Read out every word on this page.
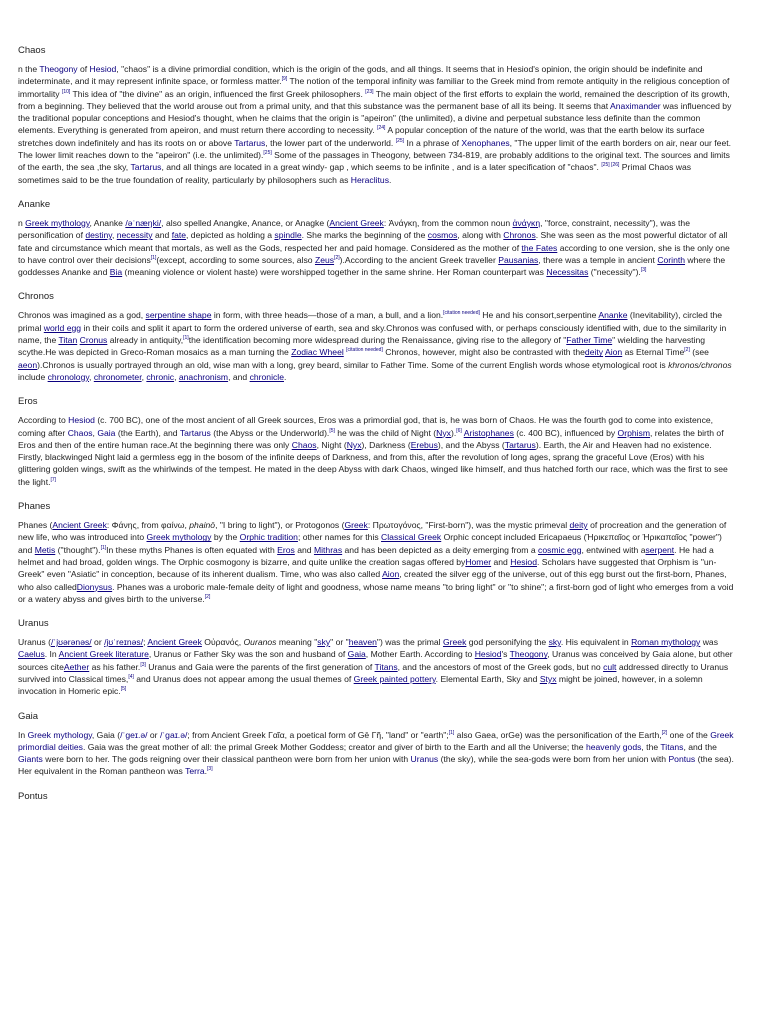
Chaos
n the Theogony of Hesiod, "chaos" is a divine primordial condition, which is the origin of the gods, and all things. It seems that in Hesiod's opinion, the origin should be indefinite and indeterminate, and it may represent infinite space, or formless matter.[9] The notion of the temporal infinity was familiar to the Greek mind from remote antiquity in the religious conception of immortality [10] This idea of "the divine" as an origin, influenced the first Greek philosophers. [23] The main object of the first efforts to explain the world, remained the description of its growth, from a beginning. They believed that the world arouse out from a primal unity, and that this substance was the permanent base of all its being. It seems that Anaximander was influenced by the traditional popular conceptions and Hesiod's thought, when he claims that the origin is "apeiron" (the unlimited), a divine and perpetual substance less definite than the common elements. Everything is generated from apeiron, and must return there according to necessity. [24] A popular conception of the nature of the world, was that the earth below its surface stretches down indefinitely and has its roots on or above Tartarus, the lower part of the underworld. [25] In a phrase of Xenophanes, "The upper limit of the earth borders on air, near our feet. The lower limit reaches down to the "apeiron" (i.e. the unlimited).[25] Some of the passages in Theogony, between 734-819, are probably additions to the original text. The sources and limits of the earth, the sea ,the sky, Tartarus, and all things are located in a great windy- gap , which seems to be infinite , and is a later specification of "chaos". [25] [26] Primal Chaos was sometimes said to be the true foundation of reality, particularly by philosophers such as Heraclitus.
Ananke
n Greek mythology, Ananke /əˈnæŋki/, also spelled Anangke, Anance, or Anagke (Ancient Greek: Ἀνάγκη, from the common noun ἀνάγκη, "force, constraint, necessity"), was the personification of destiny, necessity and fate, depicted as holding a spindle. She marks the beginning of the cosmos, along with Chronos. She was seen as the most powerful dictator of all fate and circumstance which meant that mortals, as well as the Gods, respected her and paid homage. Considered as the mother of the Fates according to one version, she is the only one to have control over their decisions[1](except, according to some sources, also Zeus[2]).According to the ancient Greek traveller Pausanias, there was a temple in ancient Corinth where the goddesses Ananke and Bia (meaning violence or violent haste) were worshipped together in the same shrine. Her Roman counterpart was Necessitas ("necessity").[3]
Chronos
Chronos was imagined as a god, serpentine shape in form, with three heads—those of a man, a bull, and a lion.[citation needed] He and his consort,serpentine Ananke (Inevitability), circled the primal world egg in their coils and split it apart to form the ordered universe of earth, sea and sky.Chronos was confused with, or perhaps consciously identified with, due to the similarity in name, the Titan Cronus already in antiquity,[1]the identification becoming more widespread during the Renaissance, giving rise to the allegory of "Father Time" wielding the harvesting scythe.He was depicted in Greco-Roman mosaics as a man turning the Zodiac Wheel [citation needed] Chronos, however, might also be contrasted with thedeity Aion as Eternal Time[2] (see aeon).Chronos is usually portrayed through an old, wise man with a long, grey beard, similar to Father Time. Some of the current English words whose etymological root is khronos/chronos include chronology, chronometer, chronic, anachronism, and chronicle.
Eros
According to Hesiod (c. 700 BC), one of the most ancient of all Greek sources, Eros was a primordial god, that is, he was born of Chaos. He was the fourth god to come into existence, coming after Chaos, Gaia (the Earth), and Tartarus (the Abyss or the Underworld).[5] he was the child of Night (Nyx).[6] Aristophanes (c. 400 BC), influenced by Orphism, relates the birth of Eros and then of the entire human race.At the beginning there was only Chaos, Night (Nyx), Darkness (Erebus), and the Abyss (Tartarus). Earth, the Air and Heaven had no existence. Firstly, blackwinged Night laid a germless egg in the bosom of the infinite deeps of Darkness, and from this, after the revolution of long ages, sprang the graceful Love (Eros) with his glittering golden wings, swift as the whirlwinds of the tempest. He mated in the deep Abyss with dark Chaos, winged like himself, and thus hatched forth our race, which was the first to see the light.[7]
Phanes
Phanes (Ancient Greek: Φάνης, from φαίνω, phainō, "I bring to light"), or Protogonos (Greek: Πρωτογόνος, "First-born"), was the mystic primeval deity of procreation and the generation of new life, who was introduced into Greek mythology by the Orphic tradition; other names for this Classical Greek Orphic concept included Ericapaeus (Ἠρικεπαῖος or Ἠρικαπαῖος "power") and Metis ("thought").[1]In these myths Phanes is often equated with Eros and Mithras and has been depicted as a deity emerging from a cosmic egg, entwined with aserpent. He had a helmet and had broad, golden wings. The Orphic cosmogony is bizarre, and quite unlike the creation sagas offered byHomer and Hesiod. Scholars have suggested that Orphism is "un-Greek" even "Asiatic" in conception, because of its inherent dualism. Time, who was also called Aion, created the silver egg of the universe, out of this egg burst out the first-born, Phanes, who also calledDionysus. Phanes was a uroboric male-female deity of light and goodness, whose name means "to bring light" or "to shine"; a first-born god of light who emerges from a void or a watery abyss and gives birth to the universe.[2]
Uranus
Uranus (/ˈjʊərənəs/ or /jʊˈreɪnəs/; Ancient Greek Οὐρανός, Ouranos meaning "sky" or "heaven") was the primal Greek god personifying the sky. His equivalent in Roman mythology was Caelus. In Ancient Greek literature, Uranus or Father Sky was the son and husband of Gaia, Mother Earth. According to Hesiod's Theogony, Uranus was conceived by Gaia alone, but other sources citeAether as his father.[3] Uranus and Gaia were the parents of the first generation of Titans, and the ancestors of most of the Greek gods, but no cult addressed directly to Uranus survived into Classical times,[4] and Uranus does not appear among the usual themes of Greek painted pottery. Elemental Earth, Sky and Styx might be joined, however, in a solemn invocation in Homeric epic.[5]
Gaia
In Greek mythology, Gaia (/ˈɡeɪ.ə/ or /ˈɡaɪ.ə/; from Ancient Greek Γαῖα, a poetical form of Gē Γῆ, "land" or "earth";[1] also Gaea, orGe) was the personification of the Earth,[2] one of the Greek primordial deities. Gaia was the great mother of all: the primal Greek Mother Goddess; creator and giver of birth to the Earth and all the Universe; the heavenly gods, the Titans, and the Giants were born to her. The gods reigning over their classical pantheon were born from her union with Uranus (the sky), while the sea-gods were born from her union with Pontus (the sea). Her equivalent in the Roman pantheon was Terra.[3]
Pontus
